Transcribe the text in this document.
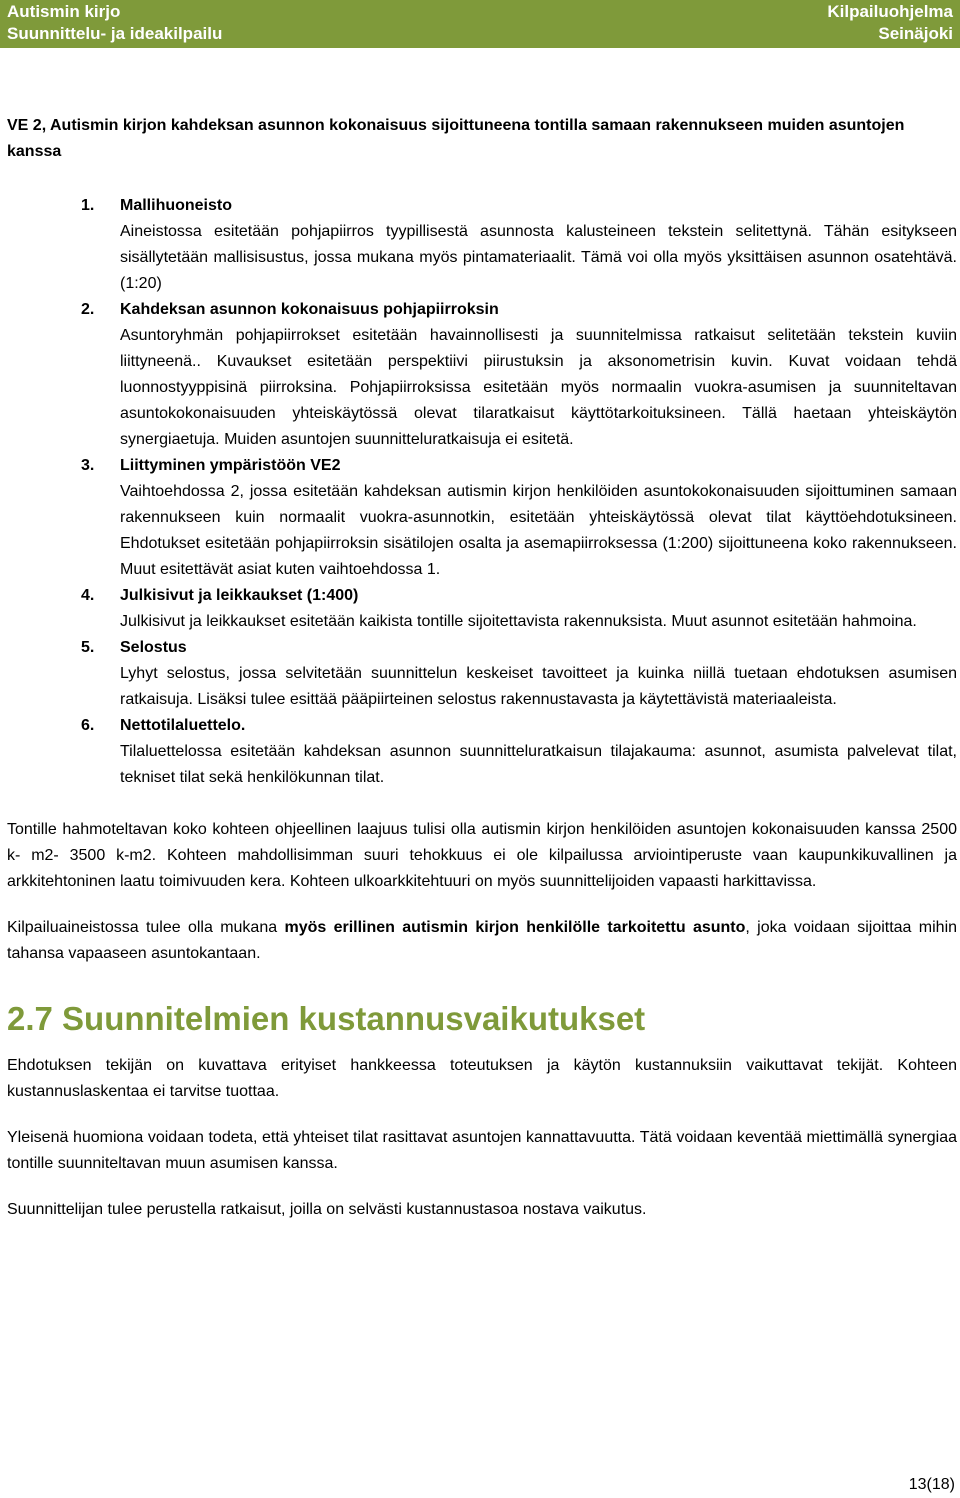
Autismin kirjo
Suunnittelu- ja ideakilpailu
Kilpailuohjelma
Seinäjoki

VE 2, Autismin kirjon kahdeksan asunnon kokonaisuus sijoittuneena tontilla samaan rakennukseen muiden asuntojen kanssa

1. Mallihuoneisto
Aineistossa esitetään pohjapiirros tyypillisestä asunnosta kalusteineen tekstein selitettynä. Tähän esitykseen sisällytetään mallisisustus, jossa mukana myös pintamateriaalit. Tämä voi olla myös yksittäisen asunnon osatehtävä. (1:20)
2. Kahdeksan asunnon kokonaisuus pohjapiirroksin
Asuntoryhmän pohjapiirrokset esitetään havainnollisesti ja suunnitelmissa ratkaisut selitetään tekstein kuviin liittyneenä.. Kuvaukset esitetään perspektiivi piirustuksin ja aksonometrisin kuvin. Kuvat voidaan tehdä luonnostyyppisinä piirroksina. Pohjapiirroksissa esitetään myös normaalin vuokra-asumisen ja suunniteltavan asuntokokonaisuuden yhteiskäytössä olevat tilaratkaisut käyttötarkoituksineen. Tällä haetaan yhteiskäytön synergiaetuja. Muiden asuntojen suunnitteluratkaisuja ei esitetä.
3. Liittyminen ympäristöön VE2
Vaihtoehdossa 2, jossa esitetään kahdeksan autismin kirjon henkilöiden asuntokokonaisuuden sijoittuminen samaan rakennukseen kuin normaalit vuokra-asunnotkin, esitetään yhteiskäytössä olevat tilat käyttöehdotuksineen. Ehdotukset esitetään pohjapiirroksin sisätilojen osalta ja asemapiirroksessa (1:200) sijoittuneena koko rakennukseen. Muut esitettävät asiat kuten vaihtoehdossa 1.
4. Julkisivut ja leikkaukset (1:400)
Julkisivut ja leikkaukset esitetään kaikista tontille sijoitettavista rakennuksista. Muut asunnot esitetään hahmoina.
5. Selostus
Lyhyt selostus, jossa selvitetään suunnittelun keskeiset tavoitteet ja kuinka niillä tuetaan ehdotuksen asumisen ratkaisuja. Lisäksi tulee esittää pääpiirteinen selostus rakennustavasta ja käytettävistä materiaaleista.
6. Nettotilaluettelo.
Tilaluettelossa esitetään kahdeksan asunnon suunnitteluratkaisun tilajakauma: asunnot, asumista palvelevat tilat, tekniset tilat sekä henkilökunnan tilat.

Tontille hahmoteltavan koko kohteen ohjeellinen laajuus tulisi olla autismin kirjon henkilöiden asuntojen kokonaisuuden kanssa 2500 k- m2- 3500 k-m2. Kohteen mahdollisimman suuri tehokkuus ei ole kilpailussa arviointiperuste vaan kaupunkikuvallinen ja arkkitehtoninen laatu toimivuuden kera. Kohteen ulkoarkkitehtuuri on myös suunnittelijoiden vapaasti harkittavissa.

Kilpailuaineistossa tulee olla mukana myös erillinen autismin kirjon henkilölle tarkoitettu asunto, joka voidaan sijoittaa mihin tahansa vapaaseen asuntokantaan.

2.7 Suunnitelmien kustannusvaikutukset

Ehdotuksen tekijän on kuvattava erityiset hankkeessa toteutuksen ja käytön kustannuksiin vaikuttavat tekijät. Kohteen kustannuslaskentaa ei tarvitse tuottaa.

Yleisenä huomiona voidaan todeta, että yhteiset tilat rasittavat asuntojen kannattavuutta. Tätä voidaan keventää miettimällä synergiaa tontille suunniteltavan muun asumisen kanssa.

Suunnittelijan tulee perustella ratkaisut, joilla on selvästi kustannustasoa nostava vaikutus.

13(18)
